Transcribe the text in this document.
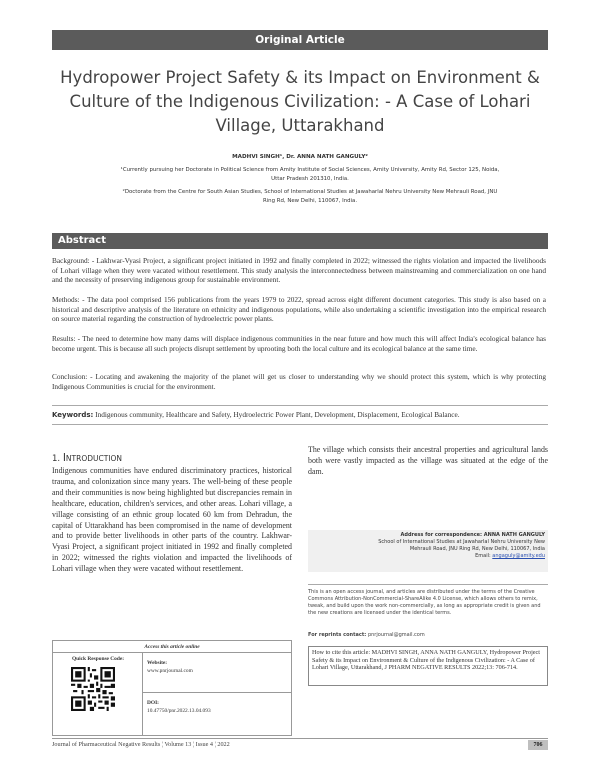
Original Article
Hydropower Project Safety & its Impact on Environment & Culture of the Indigenous Civilization: - A Case of Lohari Village, Uttarakhand
MADHVI SINGH¹, Dr. ANNA NATH GANGULY²
¹Currently pursuing her Doctorate in Political Science from Amity Institute of Social Sciences, Amity University, Amity Rd, Sector 125, Noida, Uttar Pradesh 201310, India.
²Doctorate from the Centre for South Asian Studies, School of International Studies at Jawaharlal Nehru University New Mehrauli Road, JNU Ring Rd, New Delhi, 110067, India.
Abstract
Background: - Lakhwar-Vyasi Project, a significant project initiated in 1992 and finally completed in 2022; witnessed the rights violation and impacted the livelihoods of Lohari village when they were vacated without resettlement. This study analysis the interconnectedness between mainstreaming and commercialization on one hand and the necessity of preserving indigenous group for sustainable environment.
Methods: - The data pool comprised 156 publications from the years 1979 to 2022, spread across eight different document categories. This study is also based on a historical and descriptive analysis of the literature on ethnicity and indigenous populations, while also undertaking a scientific investigation into the empirical research on source material regarding the construction of hydroelectric power plants.
Results: - The need to determine how many dams will displace indigenous communities in the near future and how much this will affect India's ecological balance has become urgent. This is because all such projects disrupt settlement by uprooting both the local culture and its ecological balance at the same time.
Conclusion: - Locating and awakening the majority of the planet will get us closer to understanding why we should protect this system, which is why protecting Indigenous Communities is crucial for the environment.
Keywords: Indigenous community, Healthcare and Safety, Hydroelectric Power Plant, Development, Displacement, Ecological Balance.
1. INTRODUCTION
Indigenous communities have endured discriminatory practices, historical trauma, and colonization since many years. The well-being of these people and their communities is now being highlighted but discrepancies remain in healthcare, education, children's services, and other areas. Lohari village, a village consisting of an ethnic group located 60 km from Dehradun, the capital of Uttarakhand has been compromised in the name of development and to provide better livelihoods in other parts of the country. Lakhwar-Vyasi Project, a significant project initiated in 1992 and finally completed in 2022; witnessed the rights violation and impacted the livelihoods of Lohari village when they were vacated without resettlement.
The village which consists their ancestral properties and agricultural lands both were vastly impacted as the village was situated at the edge of the dam.
Address for correspondence: ANNA NATH GANGULY
School of International Studies at Jawaharlal Nehru University New
Mehrauli Road, JNU Ring Rd, New Delhi, 110067, India
Email: angaguly@amity.edu
This is an open access journal, and articles are distributed under the terms of the Creative Commons Attribution-NonCommercial-ShareAlike 4.0 License, which allows others to remix, tweak, and build upon the work non-commercially, as long as appropriate credit is given and the new creations are licensed under the identical terms.
For reprints contact: pnrjournal@gmail.com
How to cite this article: MADHVI SINGH, ANNA NATH GANGULY, Hydropower Project Safety & its Impact on Environment & Culture of the Indigenous Civilization: - A Case of Lohari Village, Uttarakhand, J PHARM NEGATIVE RESULTS 2022;13: 706-714.
Access this article online
Quick Response Code:
Website:
www.pnrjournal.com
DOI:
10.47750/pnr.2022.13.04.093
Journal of Pharmaceutical Negative Results ¦ Volume 13 ¦ Issue 4 ¦ 2022	706
